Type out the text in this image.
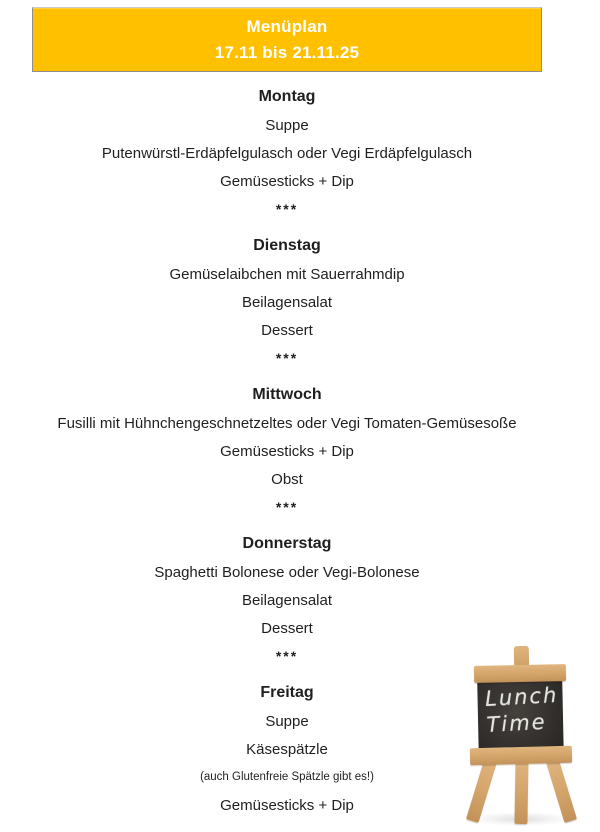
Menüplan
17.11 bis 21.11.25
Montag
Suppe
Putenwürstl-Erdäpfelgulasch oder Vegi Erdäpfelgulasch
Gemüsesticks + Dip
***
Dienstag
Gemüselaibchen mit Sauerrahmdip
Beilagensalat
Dessert
***
Mittwoch
Fusilli mit Hühnchengeschnetzeltes oder Vegi Tomaten-Gemüsesoße
Gemüsesticks + Dip
Obst
***
Donnerstag
Spaghetti Bolonese oder Vegi-Bolonese
Beilagensalat
Dessert
***
Freitag
Suppe
Käsespätzle
(auch Glutenfreie Spätzle gibt es!)
Gemüsesticks + Dip
Lunch
Time
